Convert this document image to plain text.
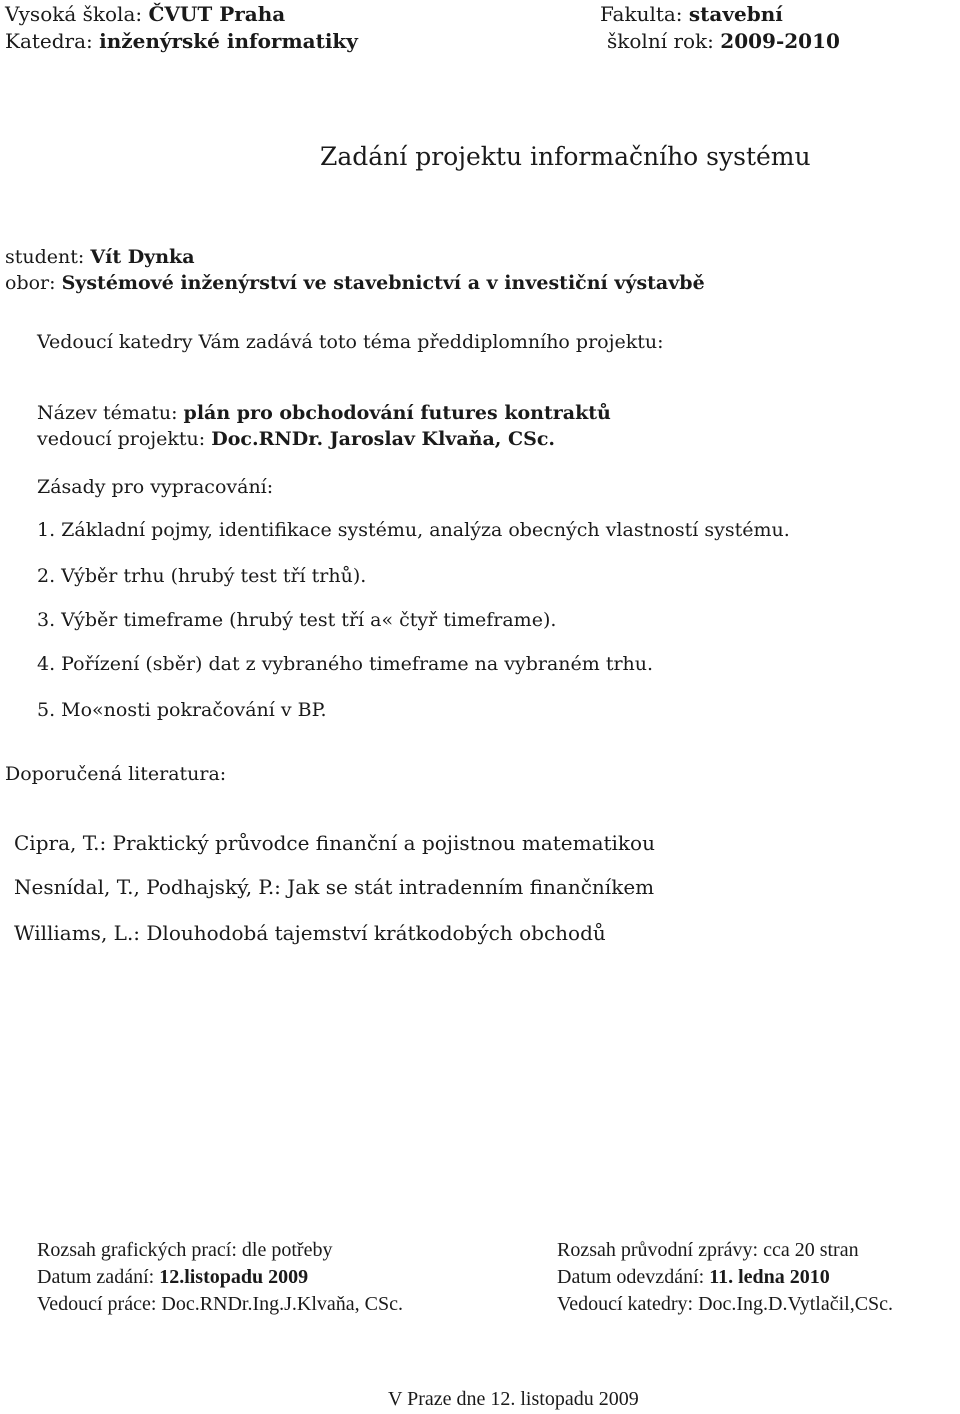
Vysoká škola: ČVUT Praha	Fakulta: stavební
Katedra: inženýrské informatiky	školní rok: 2009-2010
Zadání projektu informačního systému
student: Vít Dynka
obor: Systémové inženýrství ve stavebnictví a v investiční výstavbě
Vedoucí katedry Vám zadává toto téma předdiplomního projektu:
Název tématu: plán pro obchodování futures kontraktů
vedoucí projektu: Doc.RNDr. Jaroslav Klvaňa, CSc.
Zásady pro vypracování:
1. Základní pojmy, identifikace systému, analýza obecných vlastností systému.
2. Výběr trhu (hrubý test tří trhů).
3. Výběr timeframe (hrubý test tří a« čtyř timeframe).
4. Pořízení (sběr) dat z vybraného timeframe na vybraném trhu.
5. Mo«nosti pokračování v BP.
Doporučená literatura:
Cipra, T.: Praktický průvodce finanční a pojistnou matematikou
Nesnídal, T., Podhajský, P.: Jak se stát intradenním finančníkem
Williams, L.: Dlouhodobá tajemství krátkodobých obchodů
Rozsah grafických prací: dle potřeby
Datum zadání: 12.listopadu 2009
Vedoucí práce: Doc.RNDr.Ing.J.Klvaňa, CSc.
Rozsah průvodní zprávy: cca 20 stran
Datum odevzdání: 11. ledna 2010
Vedoucí katedry: Doc.Ing.D.Vytlačil,CSc.
V Praze dne 12. listopadu 2009
